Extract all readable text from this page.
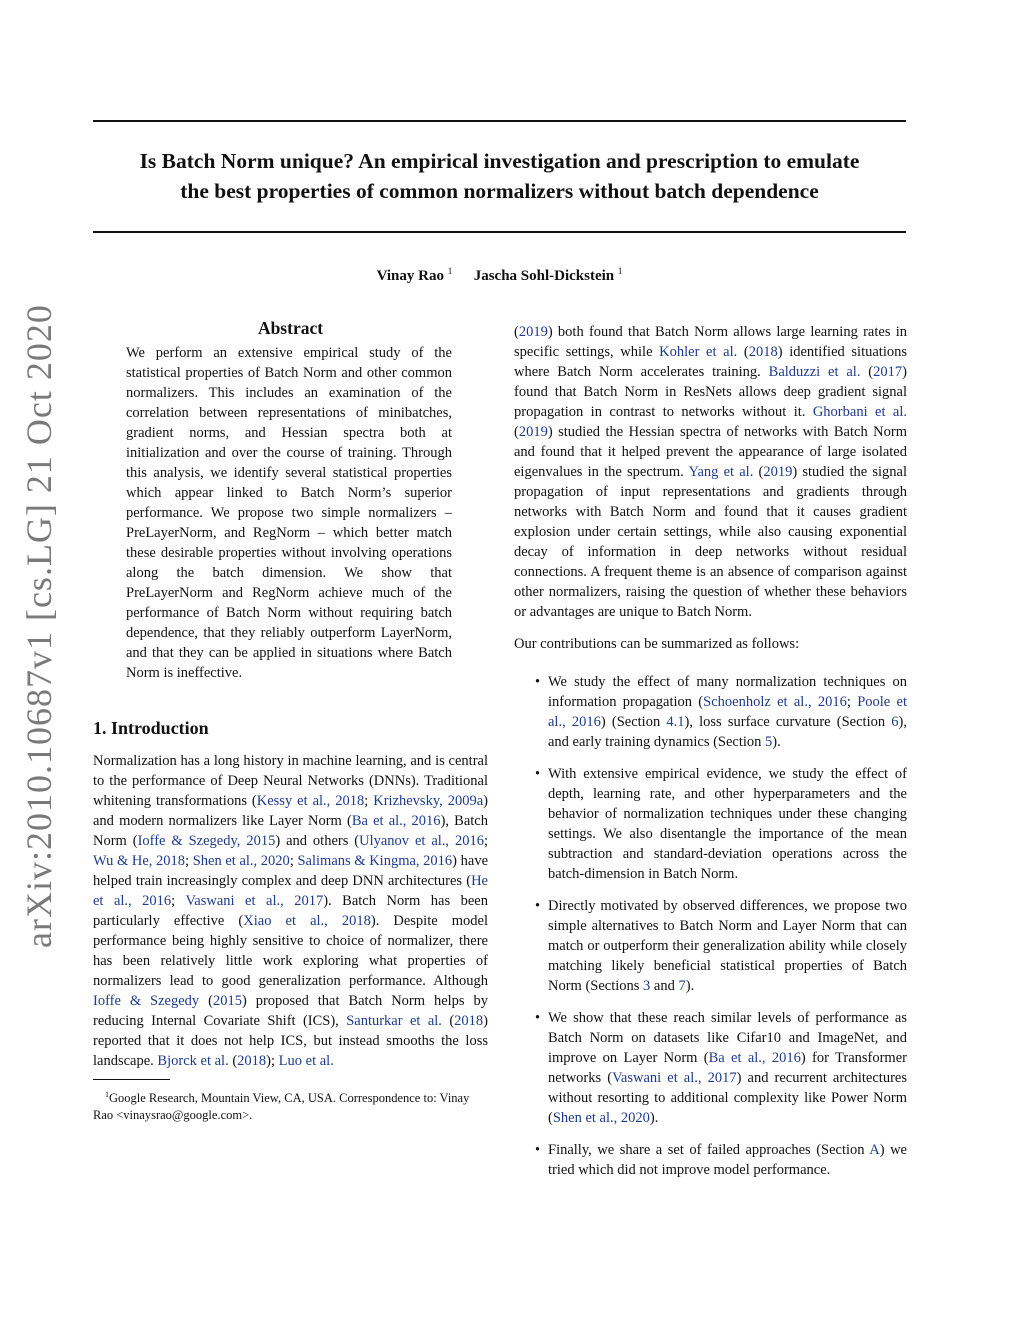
Is Batch Norm unique? An empirical investigation and prescription to emulate
the best properties of common normalizers without batch dependence
Vinay Rao $^1$ Jascha Sohl-Dickstein $^1$
arXiv:2010.10687v1 [cs.LG] 21 Oct 2020	Abstract

We perform an extensive empirical study of the statistical properties of Batch Norm and other common normalizers. This includes an examination of the correlation between representations of minibatches, gradient norms, and Hessian spectra both at initialization and over the course of training. Through this analysis, we identify several statistical properties which appear linked to Batch Norm’s superior performance. We propose two simple normalizers – PreLayerNorm, and RegNorm – which better match these desirable properties without involving operations along the batch dimension. We show that PreLayerNorm and RegNorm achieve much of the performance of Batch Norm without requiring batch dependence, that they reliably outperform LayerNorm, and that they can be applied in situations where Batch Norm is ineffective.

1. Introduction

Normalization has a long history in machine learning, and is central to the performance of Deep Neural Networks (DNNs). Traditional whitening transformations (Kessy et al., 2018; Krizhevsky, 2009a) and modern normalizers like Layer Norm (Ba et al., 2016), Batch Norm (Ioffe & Szegedy, 2015) and others (Ulyanov et al., 2016; Wu & He, 2018; Shen et al., 2020; Salimans & Kingma, 2016) have helped train increasingly complex and deep DNN architectures (He et al., 2016; Vaswani et al., 2017). Batch Norm has been particularly effective (Xiao et al., 2018). Despite model performance being highly sensitive to choice of normalizer, there has been relatively little work exploring what properties of normalizers lead to good generalization performance. Although Ioffe & Szegedy (2015) proposed that Batch Norm helps by reducing Internal Covariate Shift (ICS), Santurkar et al. (2018) reported that it does not help ICS, but instead smooths the loss landscape. Bjorck et al. (2018); Luo et al.

$^1$Google Research, Mountain View, CA, USA. Correspondence to: Vinay Rao <vinaysrao@google.com>.

(2019) both found that Batch Norm allows large learning rates in specific settings, while Kohler et al. (2018) identified situations where Batch Norm accelerates training. Balduzzi et al. (2017) found that Batch Norm in ResNets allows deep gradient signal propagation in contrast to networks without it. Ghorbani et al. (2019) studied the Hessian spectra of networks with Batch Norm and found that it helped prevent the appearance of large isolated eigenvalues in the spectrum. Yang et al. (2019) studied the signal propagation of input representations and gradients through networks with Batch Norm and found that it causes gradient explosion under certain settings, while also causing exponential decay of information in deep networks without residual connections. A frequent theme is an absence of comparison against other normalizers, raising the question of whether these behaviors or advantages are unique to Batch Norm.

Our contributions can be summarized as follows:

• We study the effect of many normalization techniques on information propagation (Schoenholz et al., 2016; Poole et al., 2016) (Section 4.1), loss surface curvature (Section 6), and early training dynamics (Section 5).

• With extensive empirical evidence, we study the effect of depth, learning rate, and other hyperparameters and the behavior of normalization techniques under these changing settings. We also disentangle the importance of the mean subtraction and standard-deviation operations across the batch-dimension in Batch Norm.

• Directly motivated by observed differences, we propose two simple alternatives to Batch Norm and Layer Norm that can match or outperform their generalization ability while closely matching likely beneficial statistical properties of Batch Norm (Sections 3 and 7).

• We show that these reach similar levels of performance as Batch Norm on datasets like Cifar10 and ImageNet, and improve on Layer Norm (Ba et al., 2016) for Transformer networks (Vaswani et al., 2017) and recurrent architectures without resorting to additional complexity like Power Norm (Shen et al., 2020).

• Finally, we share a set of failed approaches (Section A) we tried which did not improve model performance.
